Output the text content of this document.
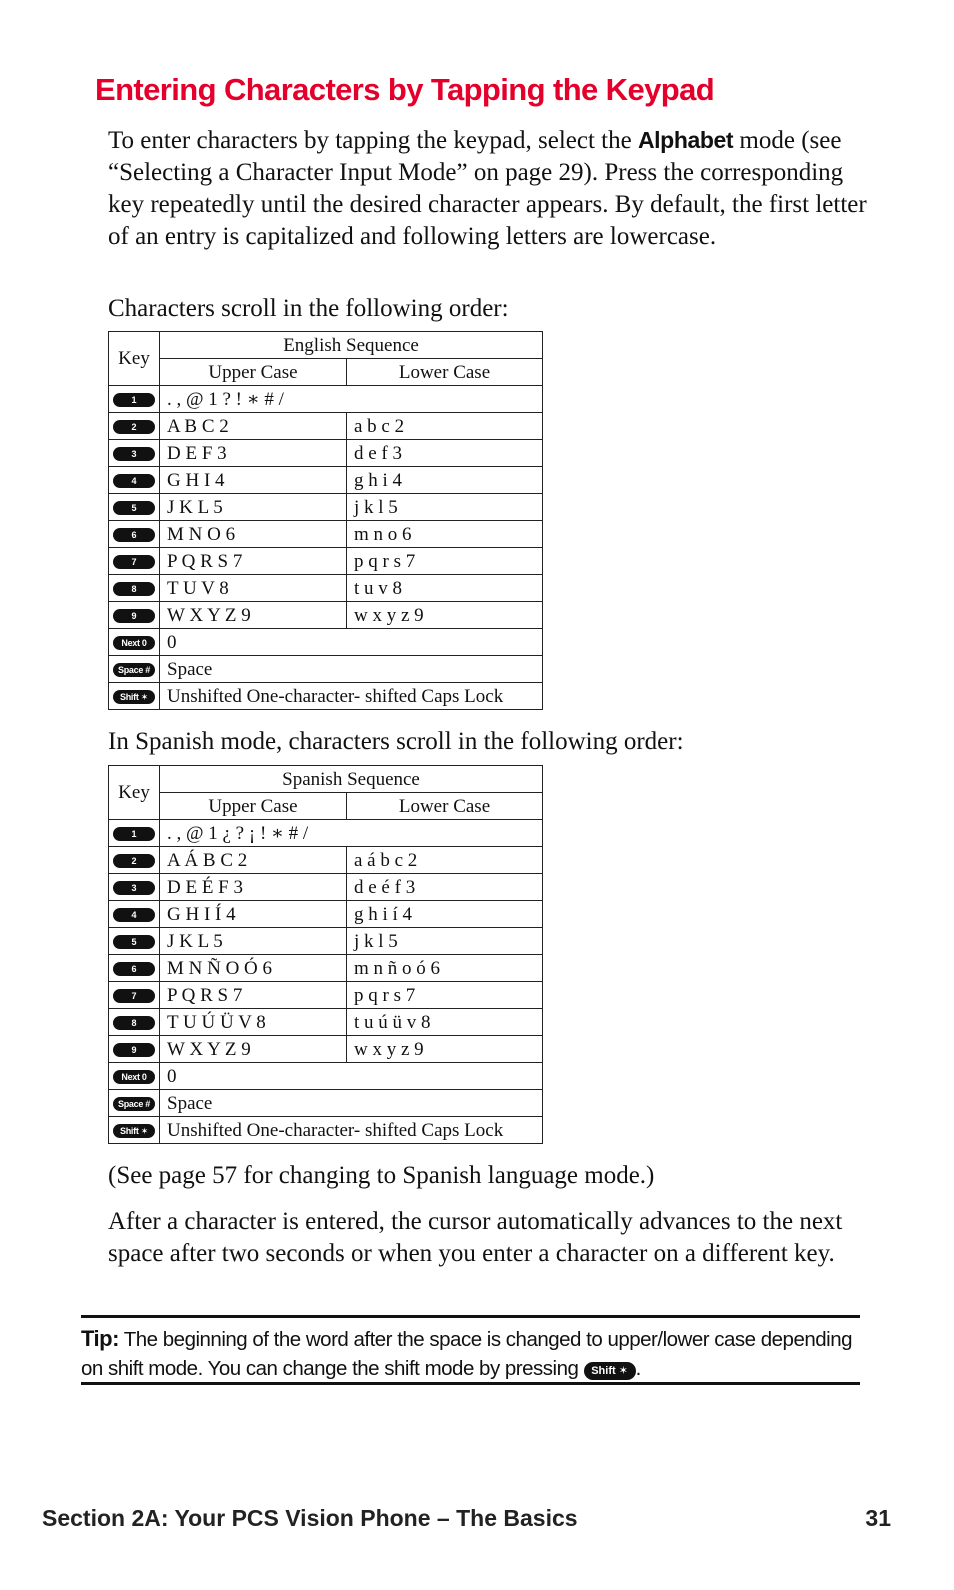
Entering Characters by Tapping the Keypad

To enter characters by tapping the keypad, select the Alphabet mode (see “Selecting a Character Input Mode” on page 29). Press the corresponding key repeatedly until the desired character appears. By default, the first letter of an entry is capitalized and following letters are lowercase.

Characters scroll in the following order:

Key	English Sequence	
	Upper Case	Lower Case
1	. , @ 1 ? ! ∗ # /	
2	A B C 2	a b c 2
3	D E F 3	d e f 3
4	G H I 4	g h i 4
5	J K L 5	j k l 5
6	M N O 6	m n o 6
7	P Q R S 7	p q r s 7
8	T U V 8	t u v 8
9	W X Y Z 9	w x y z 9
Next 0	0	
Space #	Space	
Shift ✶	Unshifted One-character- shifted Caps Lock	

In Spanish mode, characters scroll in the following order:

Key	Spanish Sequence	
	Upper Case	Lower Case
1	. , @ 1 ¿ ? ¡ ! ∗ # /	
2	A Á B C 2	a á b c 2
3	D E É F 3	d e é f 3
4	G H I Í 4	g h i í 4
5	J K L 5	j k l 5
6	M N Ñ O Ó 6	m n ñ o ó 6
7	P Q R S 7	p q r s 7
8	T U Ú Ü V 8	t u ú ü v 8
9	W X Y Z 9	w x y z 9
Next 0	0	
Space #	Space	
Shift ✶	Unshifted One-character- shifted Caps Lock	

(See page 57 for changing to Spanish language mode.)

After a character is entered, the cursor automatically advances to the next space after two seconds or when you enter a character on a different key.

Tip: The beginning of the word after the space is changed to upper/lower case depending on shift mode. You can change the shift mode by pressing Shift ✶ .

Section 2A: Your PCS Vision Phone – The Basics	31
